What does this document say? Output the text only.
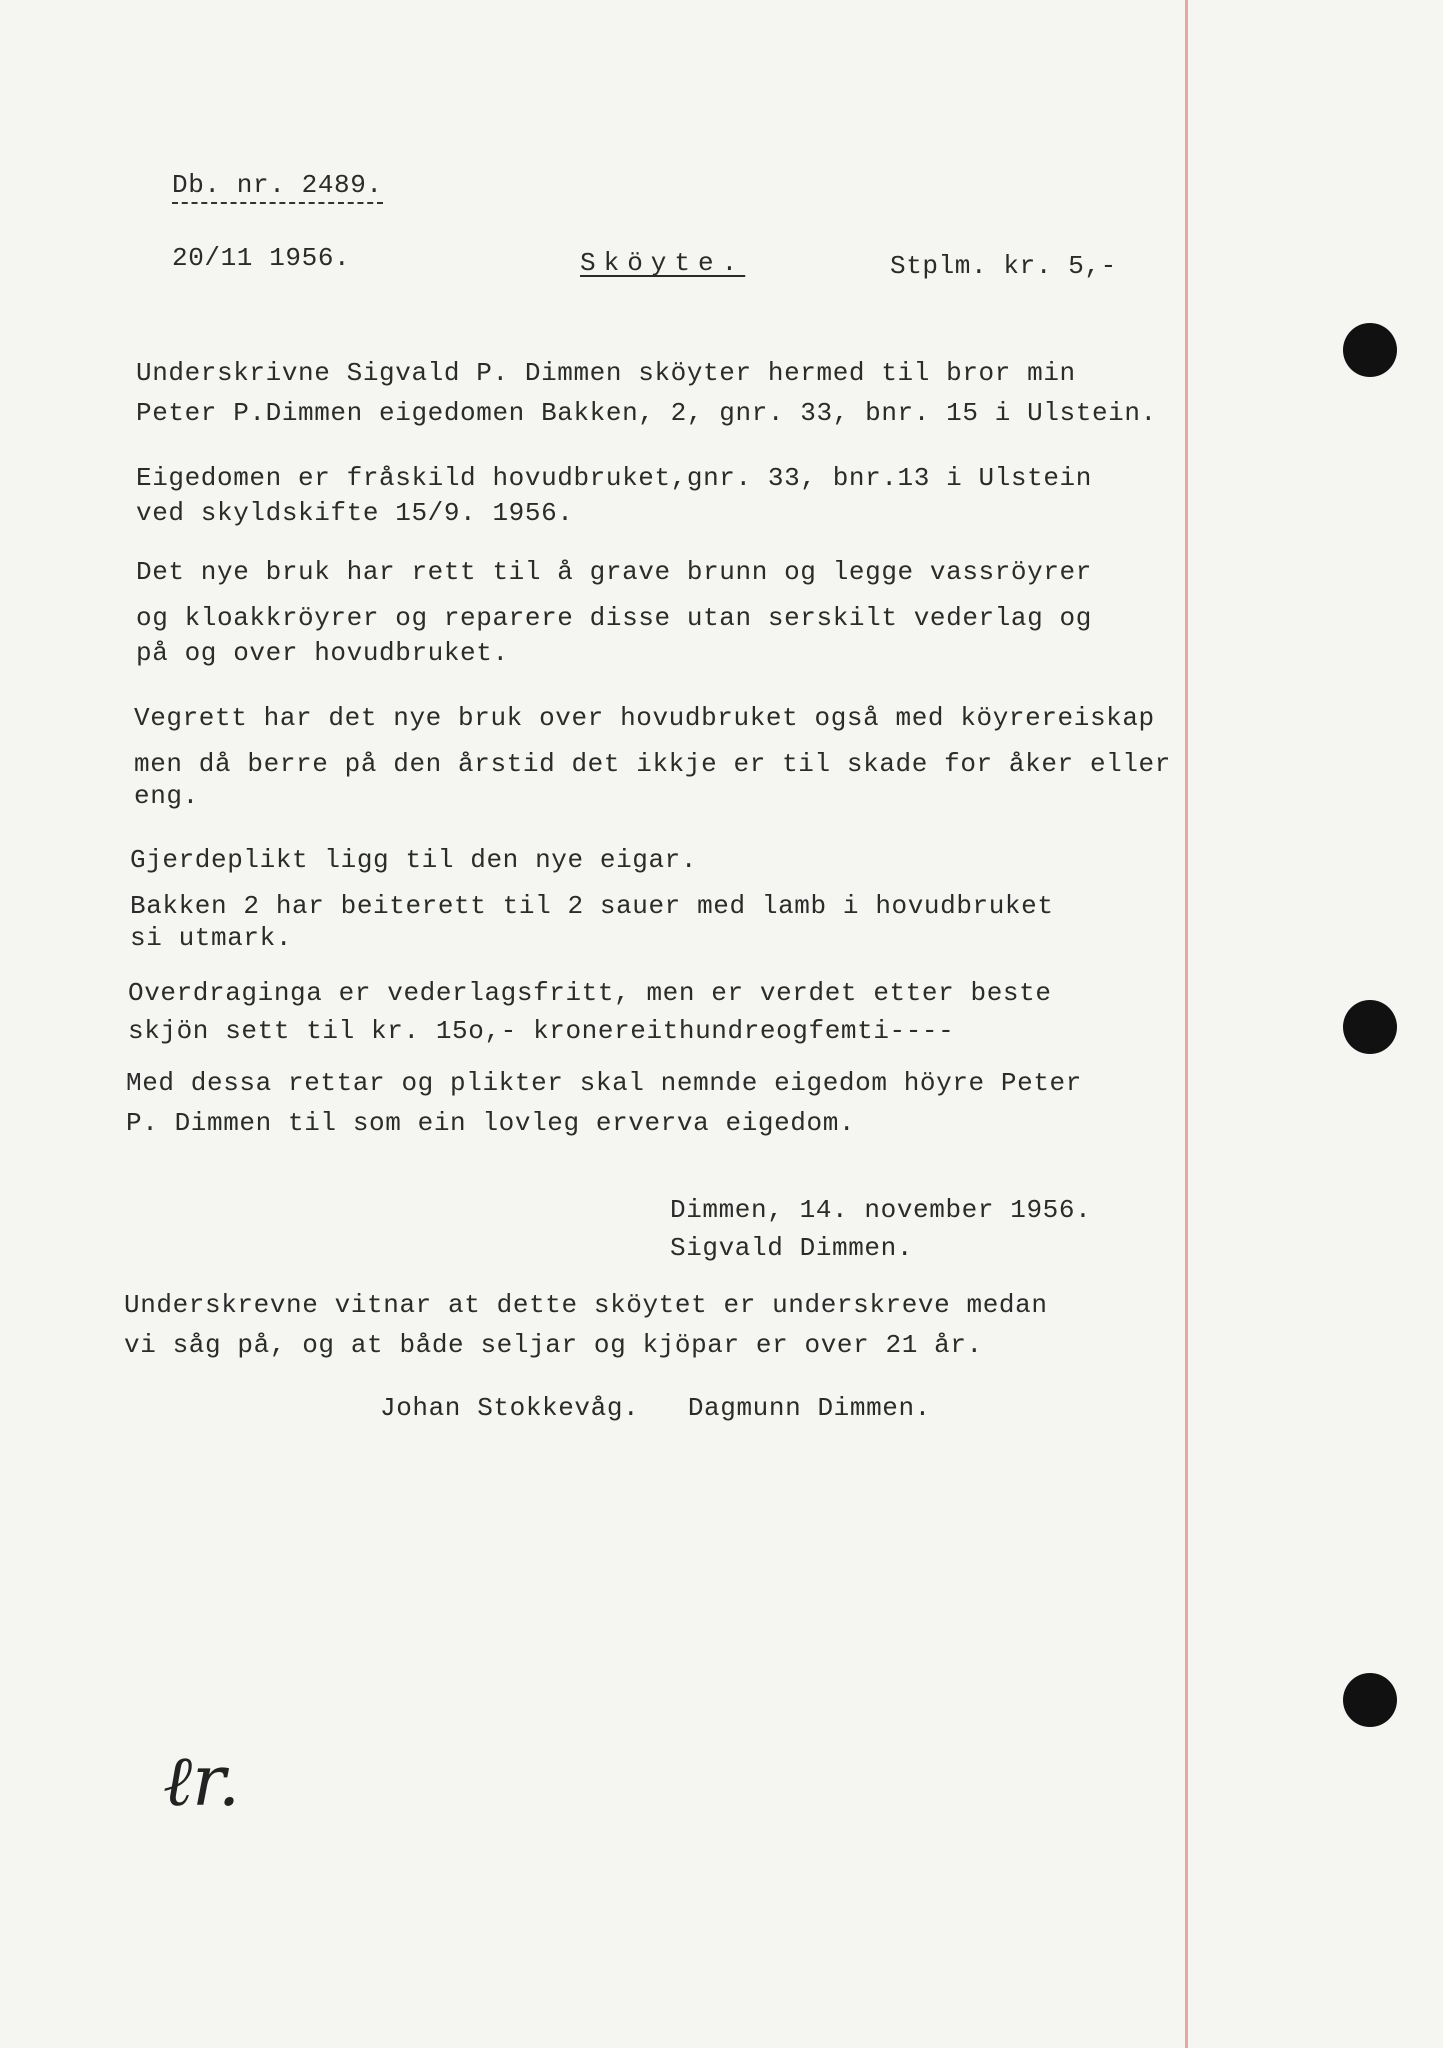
Db. nr. 2489.

20/11 1956.	Sköyte.	Stplm. kr. 5,-

Underskrivne Sigvald P. Dimmen sköyter hermed til bror min

Peter P.Dimmen eigedomen Bakken, 2, gnr. 33, bnr. 15 i Ulstein.

Eigedomen er fråskild hovudbruket,gnr. 33, bnr.13 i Ulstein

ved skyldskifte 15/9. 1956.

Det nye bruk har rett til å grave brunn og legge vassröyrer

og kloakkröyrer og reparere disse utan serskilt vederlag og

på og over hovudbruket.

Vegrett har det nye bruk over hovudbruket også med köyrereiskap

men då berre på den årstid det ikkje er til skade for åker eller

eng.

Gjerdeplikt ligg til den nye eigar.

Bakken 2 har beiterett til 2 sauer med lamb i hovudbruket

si utmark.

Overdraginga er vederlagsfritt, men er verdet etter beste

skjön sett til kr. 15o,- kronereithundreogfemti----

Med dessa rettar og plikter skal nemnde eigedom höyre Peter

P. Dimmen til som ein lovleg erverva eigedom.

Dimmen, 14. november 1956.

Sigvald Dimmen.

Underskrevne vitnar at dette sköytet er underskreve medan

vi såg på, og at både seljar og kjöpar er over 21 år.

Johan Stokkevåg.   Dagmunn Dimmen.

ℓr.
